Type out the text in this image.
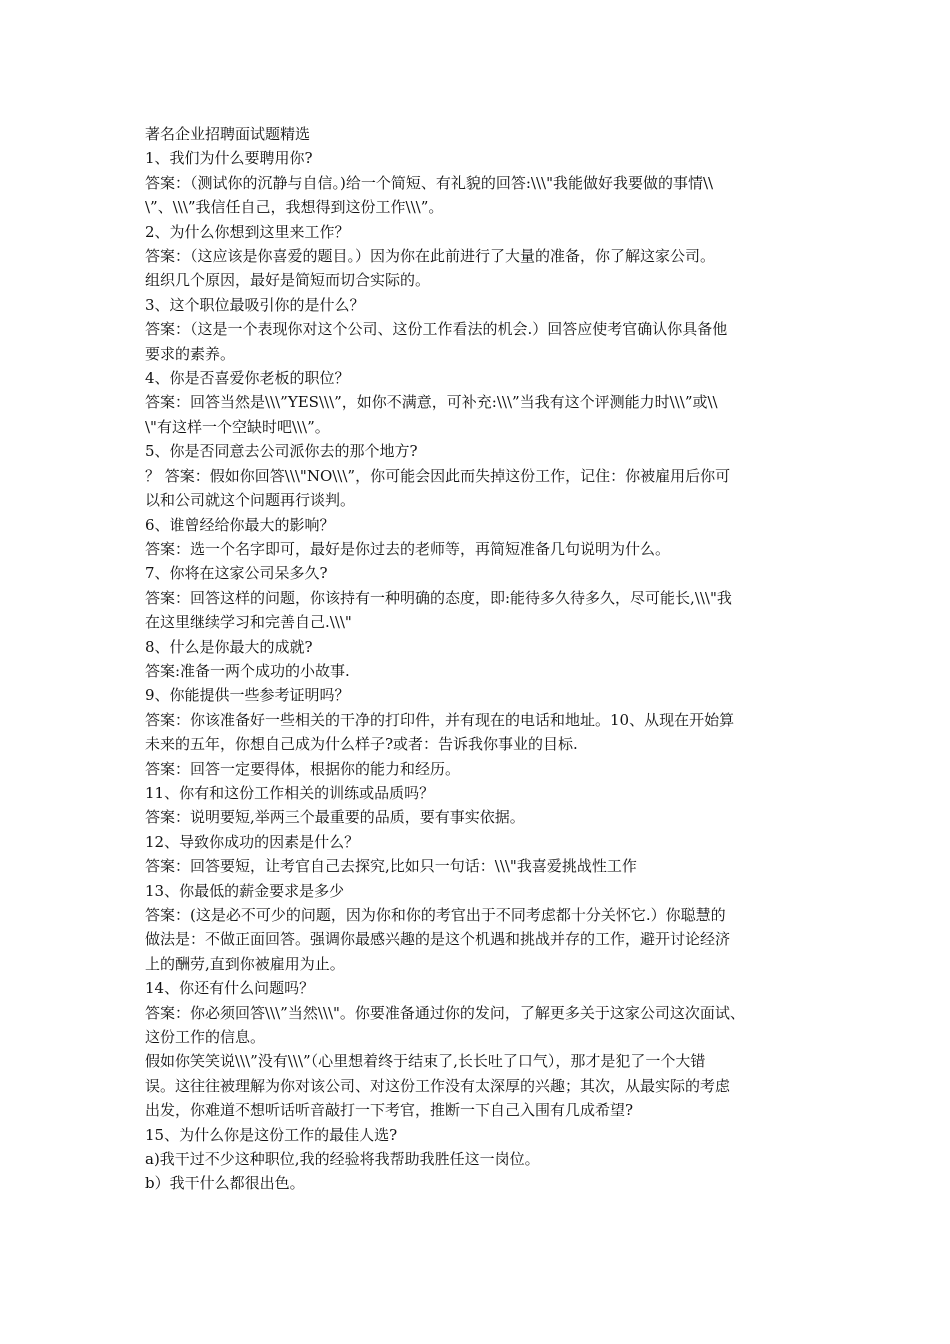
著名企业招聘面试题精选

1、我们为什么要聘用你?

答案：（测试你的沉静与自信。)给一个简短、有礼貌的回答:\\\"我能做好我要做的事情\\

\”、\\\”我信任自己，我想得到这份工作\\\”。

2、为什么你想到这里来工作？

答案：（这应该是你喜爱的题目。）因为你在此前进行了大量的准备，你了解这家公司。

组织几个原因，最好是简短而切合实际的。

3、这个职位最吸引你的是什么？

答案：（这是一个表现你对这个公司、这份工作看法的机会.）回答应使考官确认你具备他

要求的素养。

4、你是否喜爱你老板的职位？

答案：回答当然是\\\”YES\\\”，如你不满意，可补充:\\\”当我有这个评测能力时\\\”或\\

\"有这样一个空缺时吧\\\”。

5、你是否同意去公司派你去的那个地方?

？ 答案：假如你回答\\\"NO\\\”，你可能会因此而失掉这份工作，记住：你被雇用后你可

以和公司就这个问题再行谈判。

6、谁曾经给你最大的影响？

答案：选一个名字即可，最好是你过去的老师等，再简短准备几句说明为什么。

7、你将在这家公司呆多久?

答案：回答这样的问题，你该持有一种明确的态度，即:能待多久待多久，尽可能长,\\\"我

在这里继续学习和完善自己.\\\"

8、什么是你最大的成就?

答案:准备一两个成功的小故事.

9、你能提供一些参考证明吗？

答案：你该准备好一些相关的干净的打印件，并有现在的电话和地址。10、从现在开始算

未来的五年，你想自己成为什么样子?或者：告诉我你事业的目标.

答案：回答一定要得体，根据你的能力和经历。

11、你有和这份工作相关的训练或品质吗？

答案：说明要短,举两三个最重要的品质，要有事实依据。

12、导致你成功的因素是什么？

答案：回答要短，让考官自己去探究,比如只一句话：\\\"我喜爱挑战性工作

13、你最低的薪金要求是多少

答案：(这是必不可少的问题，因为你和你的考官出于不同考虑都十分关怀它.）你聪慧的

做法是：不做正面回答。强调你最感兴趣的是这个机遇和挑战并存的工作，避开讨论经济

上的酬劳,直到你被雇用为止。

14、你还有什么问题吗？

答案：你必须回答\\\”当然\\\"。你要准备通过你的发问，了解更多关于这家公司这次面试、

这份工作的信息。

假如你笑笑说\\\”没有\\\”（心里想着终于结束了,长长吐了口气），那才是犯了一个大错

误。这往往被理解为你对该公司、对这份工作没有太深厚的兴趣；其次，从最实际的考虑

出发，你难道不想听话听音敲打一下考官，推断一下自己入围有几成希望?

15、为什么你是这份工作的最佳人选?

a)我干过不少这种职位,我的经验将我帮助我胜任这一岗位。

b）我干什么都很出色。
